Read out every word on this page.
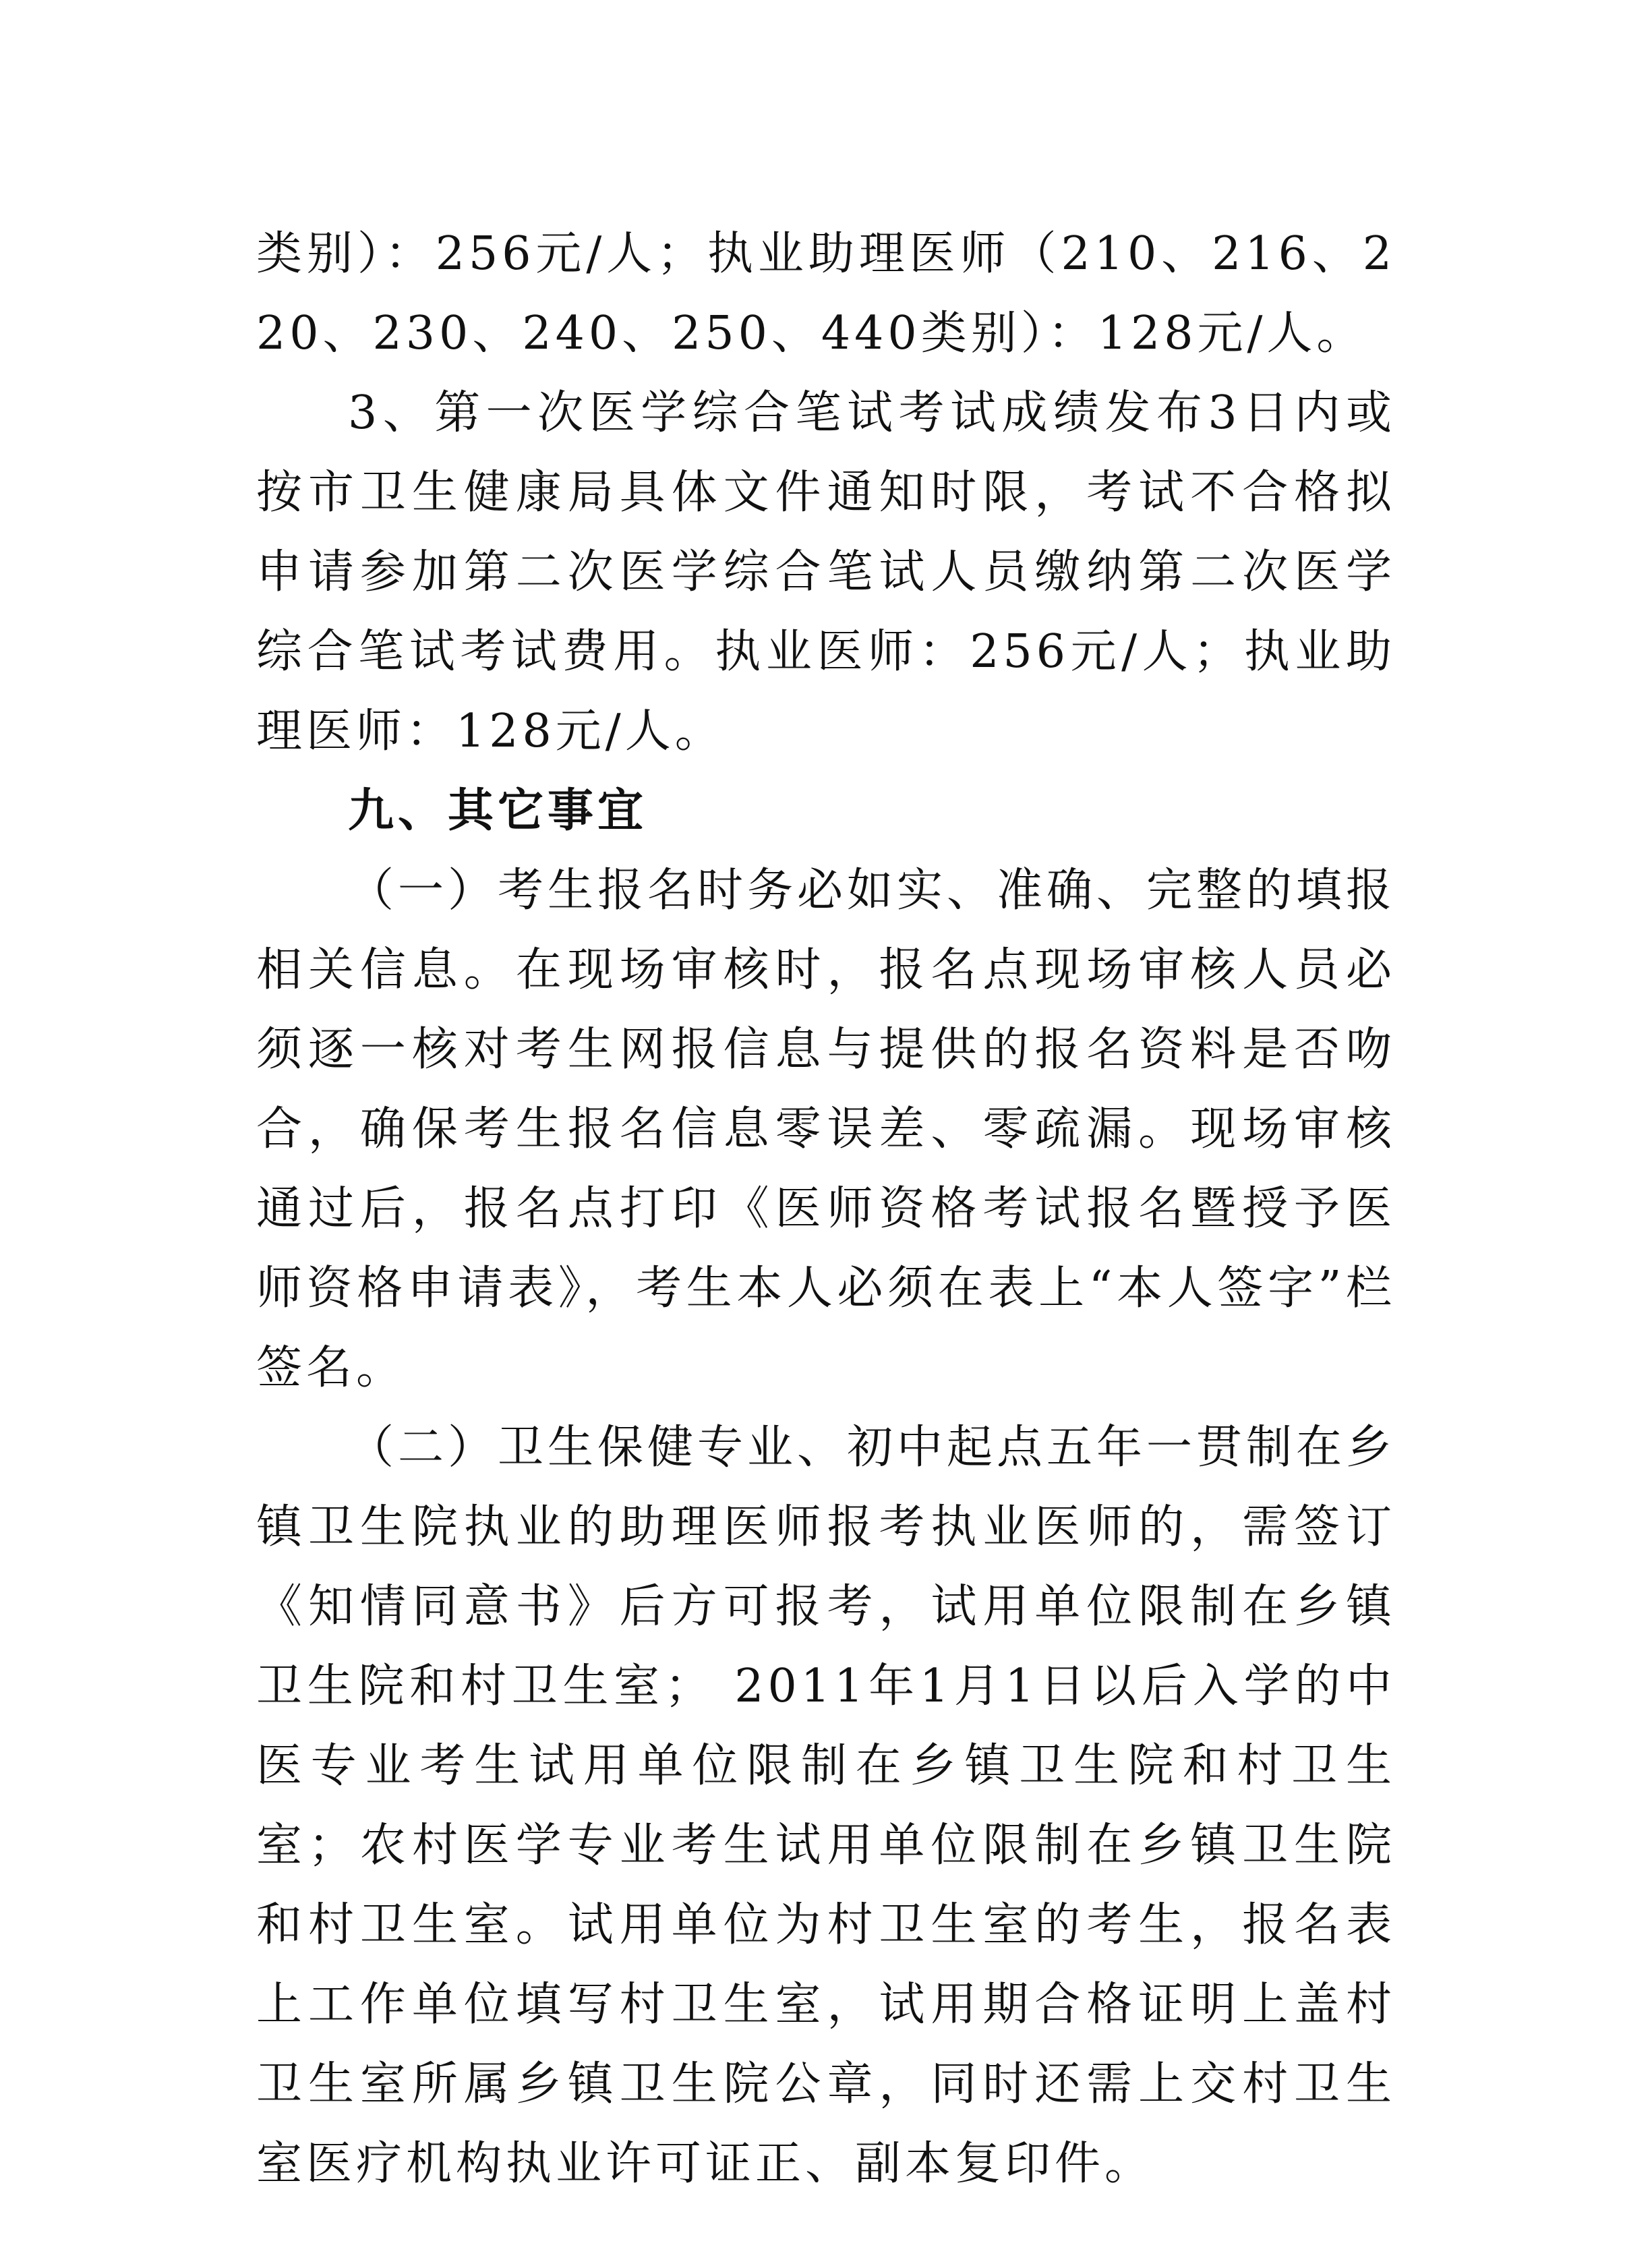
类别）：256元/人；执业助理医师（210、216、220、230、240、250、440类别）：128元/人。

3、第一次医学综合笔试考试成绩发布3日内或按市卫生健康局具体文件通知时限，考试不合格拟申请参加第二次医学综合笔试人员缴纳第二次医学综合笔试考试费用。执业医师：256元/人；执业助理医师：128元/人。

九、其它事宜

（一）考生报名时务必如实、准确、完整的填报相关信息。在现场审核时，报名点现场审核人员必须逐一核对考生网报信息与提供的报名资料是否吻合，确保考生报名信息零误差、零疏漏。现场审核通过后，报名点打印《医师资格考试报名暨授予医师资格申请表》，考生本人必须在表上“本人签字”栏签名。

（二）卫生保健专业、初中起点五年一贯制在乡镇卫生院执业的助理医师报考执业医师的，需签订《知情同意书》后方可报考，试用单位限制在乡镇卫生院和村卫生室； 2011年1月1日以后入学的中医专业考生试用单位限制在乡镇卫生院和村卫生室；农村医学专业考生试用单位限制在乡镇卫生院和村卫生室。试用单位为村卫生室的考生，报名表上工作单位填写村卫生室，试用期合格证明上盖村卫生室所属乡镇卫生院公章，同时还需上交村卫生室医疗机构执业许可证正、副本复印件。
